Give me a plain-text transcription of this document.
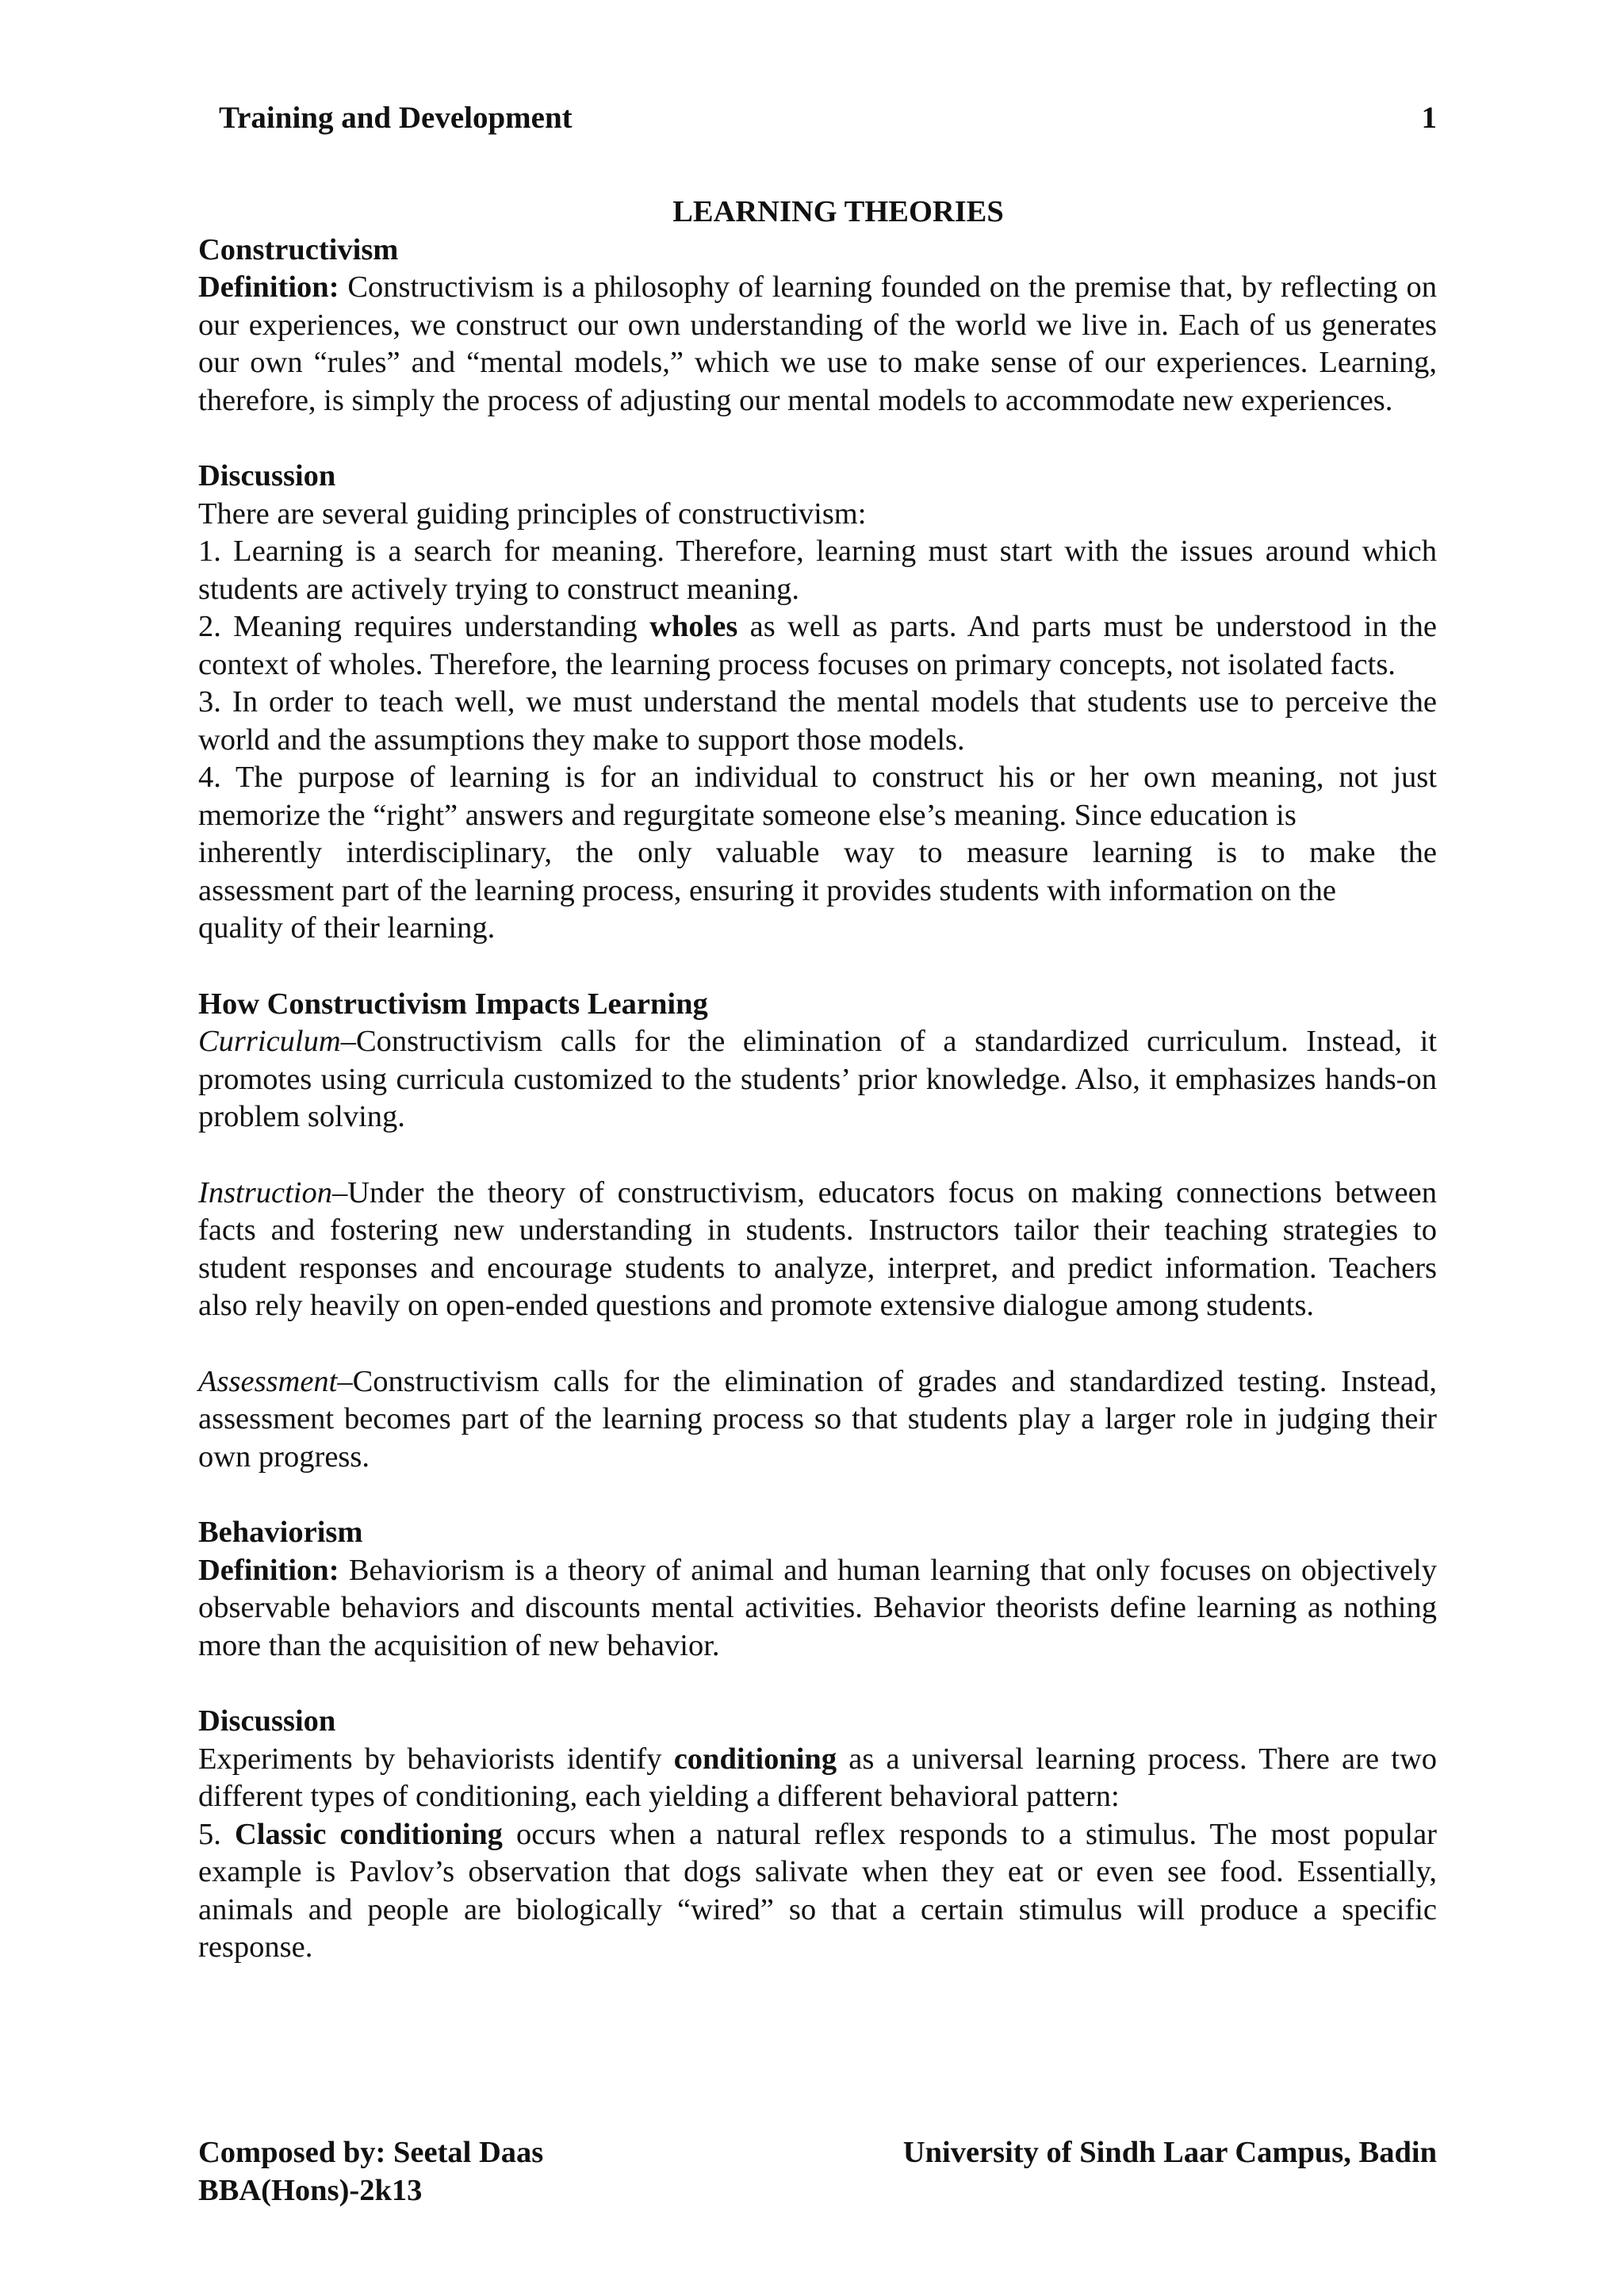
Training and Development	1
LEARNING THEORIES
Constructivism

Definition: Constructivism is a philosophy of learning founded on the premise that, by reflecting on our experiences, we construct our own understanding of the world we live in. Each of us generates our own “rules” and “mental models,” which we use to make sense of our experiences. Learning, therefore, is simply the process of adjusting our mental models to accommodate new experiences.

Discussion

There are several guiding principles of constructivism:

1. Learning is a search for meaning. Therefore, learning must start with the issues around which students are actively trying to construct meaning.

2. Meaning requires understanding wholes as well as parts. And parts must be understood in the context of wholes. Therefore, the learning process focuses on primary concepts, not isolated facts.

3. In order to teach well, we must understand the mental models that students use to perceive the world and the assumptions they make to support those models.

4. The purpose of learning is for an individual to construct his or her own meaning, not just

memorize the “right” answers and regurgitate someone else’s meaning. Since education is

inherently interdisciplinary, the only valuable way to measure learning is to make the

assessment part of the learning process, ensuring it provides students with information on the

quality of their learning.

How Constructivism Impacts Learning

Curriculum–Constructivism calls for the elimination of a standardized curriculum. Instead, it promotes using curricula customized to the students’ prior knowledge. Also, it emphasizes hands-on problem solving.

Instruction–Under the theory of constructivism, educators focus on making connections between facts and fostering new understanding in students. Instructors tailor their teaching strategies to student responses and encourage students to analyze, interpret, and predict information. Teachers also rely heavily on open-ended questions and promote extensive dialogue among students.

Assessment–Constructivism calls for the elimination of grades and standardized testing. Instead, assessment becomes part of the learning process so that students play a larger role in judging their own progress.

Behaviorism

Definition: Behaviorism is a theory of animal and human learning that only focuses on objectively observable behaviors and discounts mental activities. Behavior theorists define learning as nothing more than the acquisition of new behavior.

Discussion

Experiments by behaviorists identify conditioning as a universal learning process. There are two different types of conditioning, each yielding a different behavioral pattern:

5. Classic conditioning occurs when a natural reflex responds to a stimulus. The most popular example is Pavlov’s observation that dogs salivate when they eat or even see food. Essentially, animals and people are biologically “wired” so that a certain stimulus will produce a specific response.

Composed by: Seetal Daas
BBA(Hons)-2k13
University of Sindh Laar Campus, Badin
